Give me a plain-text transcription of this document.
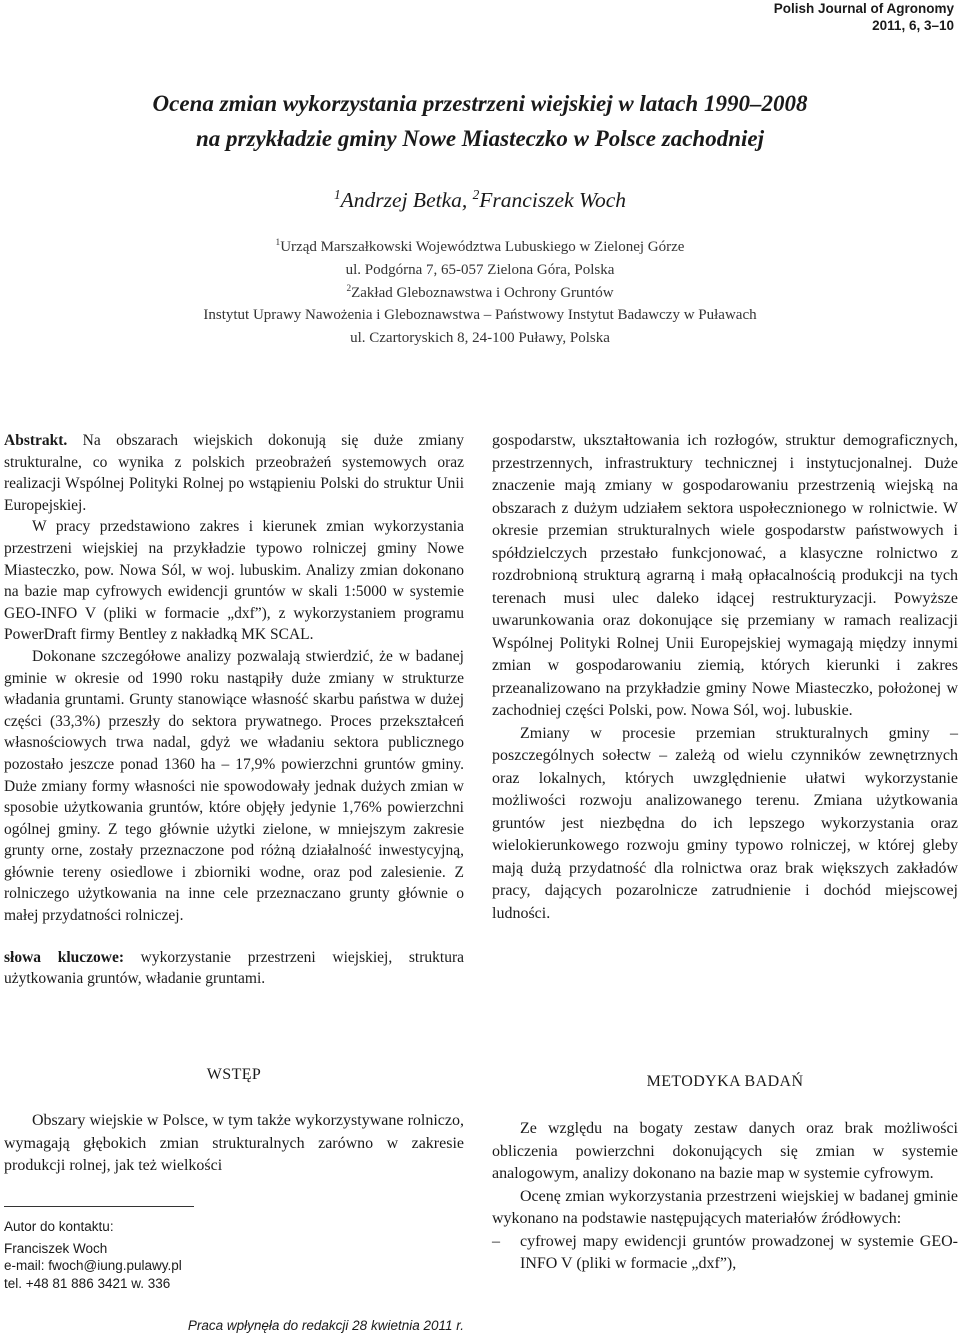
Polish Journal of Agronomy
2011, 6, 3–10
Ocena zmian wykorzystania przestrzeni wiejskiej w latach 1990–2008
na przykładzie gminy Nowe Miasteczko w Polsce zachodniej
$^1$Andrzej Betka, $^2$Franciszek Woch
$^1$Urząd Marszałkowski Województwa Lubuskiego w Zielonej Górze
ul. Podgórna 7, 65-057 Zielona Góra, Polska
$^2$Zakład Gleboznawstwa i Ochrony Gruntów
Instytut Uprawy Nawożenia i Gleboznawstwa – Państwowy Instytut Badawczy w Puławach
ul. Czartoryskich 8, 24-100 Puławy, Polska

Abstrakt. Na obszarach wiejskich dokonują się duże zmiany strukturalne, co wynika z polskich przeobrażeń systemowych oraz realizacji Wspólnej Polityki Rolnej po wstąpieniu Polski do struktur Unii Europejskiej.

W pracy przedstawiono zakres i kierunek zmian wykorzystania przestrzeni wiejskiej na przykładzie typowo rolniczej gminy Nowe Miasteczko, pow. Nowa Sól, w woj. lubuskim. Analizy zmian dokonano na bazie map cyfrowych ewidencji gruntów w skali 1:5000 w systemie GEO-INFO V (pliki w formacie „dxf”), z wykorzystaniem programu PowerDraft firmy Bentley z nakładką MK SCAL.

Dokonane szczegółowe analizy pozwalają stwierdzić, że w badanej gminie w okresie od 1990 roku nastąpiły duże zmiany w strukturze władania gruntami. Grunty stanowiące własność skarbu państwa w dużej części (33,3%) przeszły do sektora prywatnego. Proces przekształceń własnościowych trwa nadal, gdyż we władaniu sektora publicznego pozostało jeszcze ponad 1360 ha – 17,9% powierzchni gruntów gminy. Duże zmiany formy własności nie spowodowały jednak dużych zmian w sposobie użytkowania gruntów, które objęły jedynie 1,76% powierzchni ogólnej gminy. Z tego głównie użytki zielone, w mniejszym zakresie grunty orne, zostały przeznaczone pod różną działalność inwestycyjną, głównie tereny osiedlowe i zbiorniki wodne, oraz pod zalesienie. Z rolniczego użytkowania na inne cele przeznaczano grunty głównie o małej przydatności rolniczej.

słowa kluczowe: wykorzystanie przestrzeni wiejskiej, struktura użytkowania gruntów, władanie gruntami.

WSTĘP

Obszary wiejskie w Polsce, w tym także wykorzystywane rolniczo, wymagają głębokich zmian strukturalnych zarówno w zakresie produkcji rolnej, jak też wielkości

Autor do kontaktu:
Franciszek Woch
e-mail: fwoch@iung.pulawy.pl
tel. +48 81 886 3421 w. 336
Praca wpłynęła do redakcji 28 kwietnia 2011 r.

gospodarstw, ukształtowania ich rozłogów, struktur demograficznych, przestrzennych, infrastruktury technicznej i instytucjonalnej. Duże znaczenie mają zmiany w gospodarowaniu przestrzenią wiejską na obszarach z dużym udziałem sektora uspołecznionego w rolnictwie. W okresie przemian strukturalnych wiele gospodarstw państwowych i spółdzielczych przestało funkcjonować, a klasyczne rolnictwo z rozdrobnioną strukturą agrarną i małą opłacalnością produkcji na tych terenach musi ulec daleko idącej restrukturyzacji. Powyższe uwarunkowania oraz dokonujące się przemiany w ramach realizacji Wspólnej Polityki Rolnej Unii Europejskiej wymagają między innymi zmian w gospodarowaniu ziemią, których kierunki i zakres przeanalizowano na przykładzie gminy Nowe Miasteczko, położonej w zachodniej części Polski, pow. Nowa Sól, woj. lubuskie.

Zmiany w procesie przemian strukturalnych gminy – poszczególnych sołectw – zależą od wielu czynników zewnętrznych oraz lokalnych, których uwzględnienie ułatwi wykorzystanie możliwości rozwoju analizowanego terenu. Zmiana użytkowania gruntów jest niezbędna do ich lepszego wykorzystania oraz wielokierunkowego rozwoju gminy typowo rolniczej, w której gleby mają dużą przydatność dla rolnictwa oraz brak większych zakładów pracy, dających pozarolnicze zatrudnienie i dochód miejscowej ludności.

METODYKA BADAŃ

Ze względu na bogaty zestaw danych oraz brak możliwości obliczenia powierzchni dokonujących się zmian w systemie analogowym, analizy dokonano na bazie map w systemie cyfrowym.

Ocenę zmian wykorzystania przestrzeni wiejskiej w badanej gminie wykonano na podstawie następujących materiałów źródłowych:

–	cyfrowej mapy ewidencji gruntów prowadzonej w systemie GEO-INFO V (pliki w formacie „dxf”),
